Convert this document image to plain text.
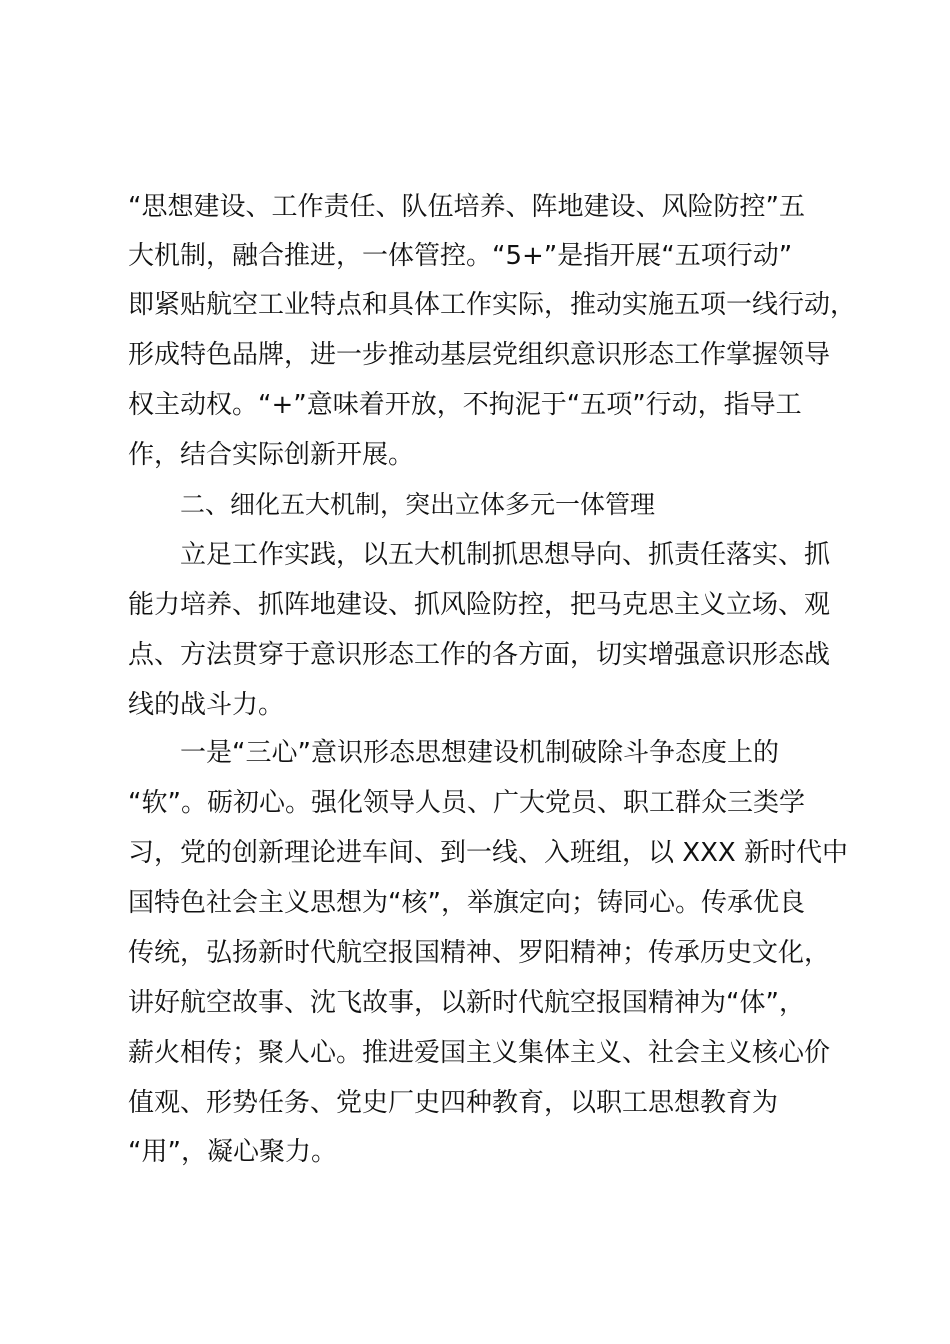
“思想建设、工作责任、队伍培养、阵地建设、风险防控”五
大机制，融合推进，一体管控。“5+”是指开展“五项行动”
即紧贴航空工业特点和具体工作实际，推动实施五项一线行动，
形成特色品牌，进一步推动基层党组织意识形态工作掌握领导
权主动权。“+”意味着开放，不拘泥于“五项”行动，指导工
作，结合实际创新开展。
二、细化五大机制，突出立体多元一体管理
立足工作实践，以五大机制抓思想导向、抓责任落实、抓
能力培养、抓阵地建设、抓风险防控，把马克思主义立场、观
点、方法贯穿于意识形态工作的各方面，切实增强意识形态战
线的战斗力。
一是“三心”意识形态思想建设机制破除斗争态度上的
“软”。砺初心。强化领导人员、广大党员、职工群众三类学
习，党的创新理论进车间、到一线、入班组，以 XXX 新时代中
国特色社会主义思想为“核”，举旗定向；铸同心。传承优良
传统，弘扬新时代航空报国精神、罗阳精神；传承历史文化，
讲好航空故事、沈飞故事，以新时代航空报国精神为“体”，
薪火相传；聚人心。推进爱国主义集体主义、社会主义核心价
值观、形势任务、党史厂史四种教育，以职工思想教育为
“用”，凝心聚力。
